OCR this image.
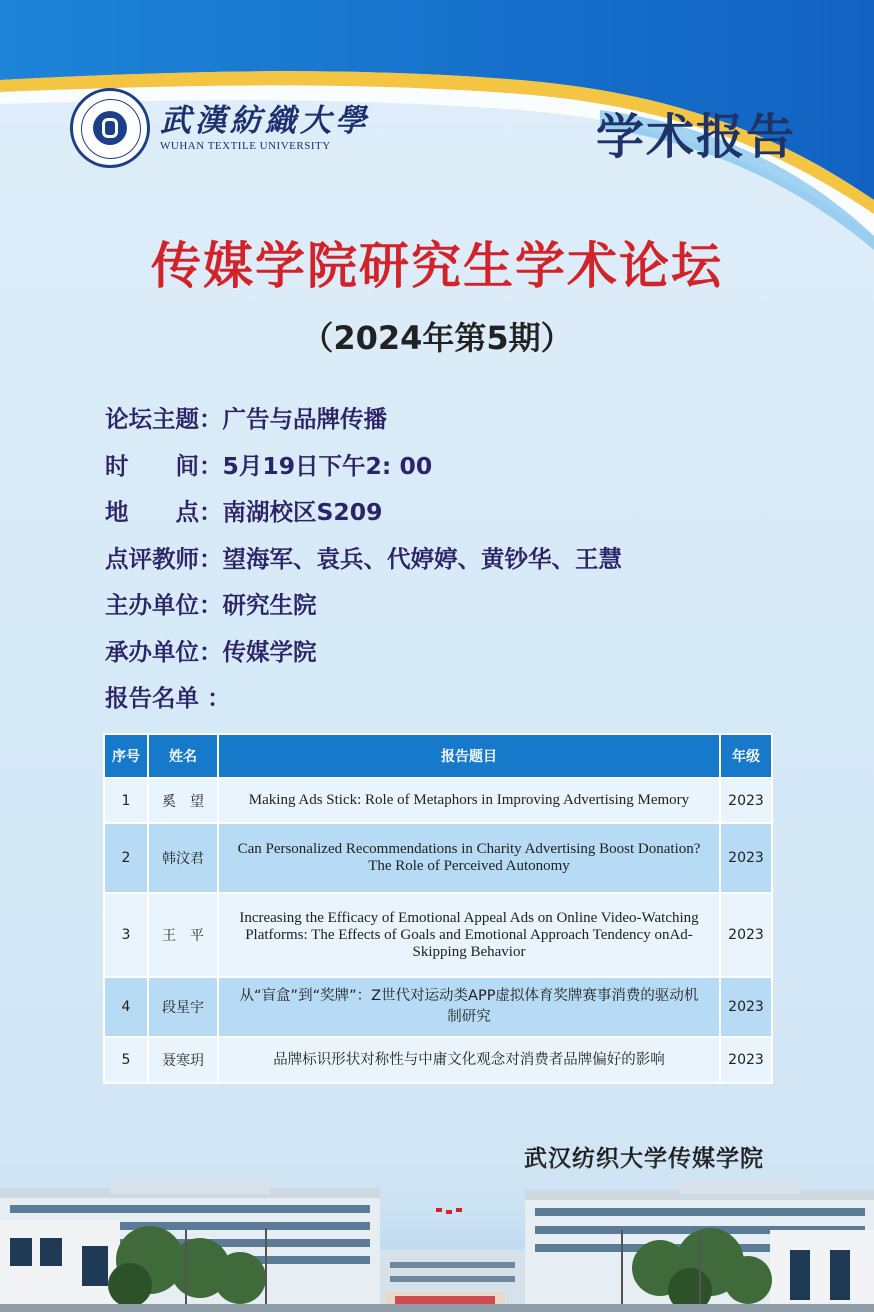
武漢紡織大學
WUHAN TEXTILE UNIVERSITY	学术报告
传媒学院研究生学术论坛
（2024年第5期）
论坛主题： 广告与品牌传播
时　　间： 5月19日下午2: 00
地　　点： 南湖校区S209
点评教师： 望海军、袁兵、代婷婷、黄钞华、王慧
主办单位： 研究生院
承办单位： 传媒学院
报告名单 ：
序号	姓名	报告题目	年级
1	奚　望	Making Ads Stick: Role of Metaphors in Improving Advertising Memory	2023
2	韩汶君	Can Personalized Recommendations in Charity Advertising Boost Donation?
The Role of Perceived Autonomy	2023
3	王　平	Increasing the Efficacy of Emotional Appeal Ads on Online Video-Watching
Platforms: The Effects of Goals and Emotional Approach Tendency onAd-Skipping Behavior	2023
4	段星宇	从“盲盒”到“奖牌”：Z世代对运动类APP虚拟体育奖牌赛事消费的驱动机制研究	2023
5	聂寒玥	品牌标识形状对称性与中庸文化观念对消费者品牌偏好的影响	2023
